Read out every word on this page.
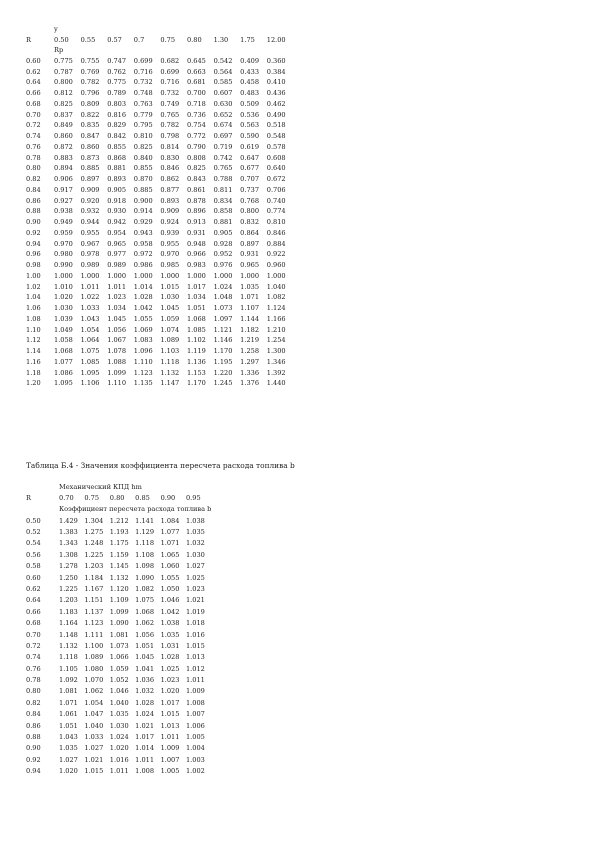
	y								
R	0.50	0.55	0.57	0.7	0.75	0.80	1.30	1.75	12.00
	Rp								
0.60	0.775	0.755	0.747	0.699	0.682	0.645	0.542	0.409	0.360
0.62	0.787	0.769	0.762	0.716	0.699	0.663	0.564	0.433	0.384
0.64	0.800	0.782	0.775	0.732	0.716	0.681	0.585	0.458	0.410
0.66	0.812	0.796	0.789	0.748	0.732	0.700	0.607	0.483	0.436
0.68	0.825	0.809	0.803	0.763	0.749	0.718	0.630	0.509	0.462
0.70	0.837	0.822	0.816	0.779	0.765	0.736	0.652	0.536	0.490
0.72	0.849	0.835	0.829	0.795	0.782	0.754	0.674	0.563	0.518
0.74	0.860	0.847	0.842	0.810	0.798	0.772	0.697	0.590	0.548
0.76	0.872	0.860	0.855	0.825	0.814	0.790	0.719	0.619	0.578
0.78	0.883	0.873	0.868	0.840	0.830	0.808	0.742	0.647	0.608
0.80	0.894	0.885	0.881	0.855	0.846	0.825	0.765	0.677	0.640
0.82	0.906	0.897	0.893	0.870	0.862	0.843	0.788	0.707	0.672
0.84	0.917	0.909	0.905	0.885	0.877	0.861	0.811	0.737	0.706
0.86	0.927	0.920	0.918	0.900	0.893	0.878	0.834	0.768	0.740
0.88	0.938	0.932	0.930	0.914	0.909	0.896	0.858	0.800	0.774
0.90	0.949	0.944	0.942	0.929	0.924	0.913	0.881	0.832	0.810
0.92	0.959	0.955	0.954	0.943	0.939	0.931	0.905	0.864	0.846
0.94	0.970	0.967	0.965	0.958	0.955	0.948	0.928	0.897	0.884
0.96	0.980	0.978	0.977	0.972	0.970	0.966	0.952	0.931	0.922
0.98	0.990	0.989	0.989	0.986	0.985	0.983	0.976	0.965	0.960
1.00	1.000	1.000	1.000	1.000	1.000	1.000	1.000	1.000	1.000
1.02	1.010	1.011	1.011	1.014	1.015	1.017	1.024	1.035	1.040
1.04	1.020	1.022	1.023	1.028	1.030	1.034	1.048	1.071	1.082
1.06	1.030	1.033	1.034	1.042	1.045	1.051	1.073	1.107	1.124
1.08	1.039	1.043	1.045	1.055	1.059	1.068	1.097	1.144	1.166
1.10	1.049	1.054	1.056	1.069	1.074	1.085	1.121	1.182	1.210
1.12	1.058	1.064	1.067	1.083	1.089	1.102	1.146	1.219	1.254
1.14	1.068	1.075	1.078	1.096	1.103	1.119	1.170	1.258	1.300
1.16	1.077	1.085	1.088	1.110	1.118	1.136	1.195	1.297	1.346
1.18	1.086	1.095	1.099	1.123	1.132	1.153	1.220	1.336	1.392
1.20	1.095	1.106	1.110	1.135	1.147	1.170	1.245	1.376	1.440
Таблица Б.4 - Значения коэффициента пересчета расхода топлива b
	Механический КПД hm					
R	0.70	0.75	0.80	0.85	0.90	0.95
	Коэффициент пересчета расхода топлива b					
0.50	1.429	1.304	1.212	1.141	1.084	1.038
0.52	1.383	1.275	1.193	1.129	1.077	1.035
0.54	1.343	1.248	1.175	1.118	1.071	1.032
0.56	1.308	1.225	1.159	1.108	1.065	1.030
0.58	1.278	1.203	1.145	1.098	1.060	1.027
0.60	1.250	1.184	1.132	1.090	1.055	1.025
0.62	1.225	1.167	1.120	1.082	1.050	1.023
0.64	1.203	1.151	1.109	1.075	1.046	1.021
0.66	1.183	1.137	1.099	1.068	1.042	1.019
0.68	1.164	1.123	1.090	1.062	1.038	1.018
0.70	1.148	1.111	1.081	1.056	1.035	1.016
0.72	1.132	1.100	1.073	1.051	1.031	1.015
0.74	1.118	1.089	1.066	1.045	1.028	1.013
0.76	1.105	1.080	1.059	1.041	1.025	1.012
0.78	1.092	1.070	1.052	1.036	1.023	1.011
0.80	1.081	1.062	1.046	1.032	1.020	1.009
0.82	1.071	1.054	1.040	1.028	1.017	1.008
0.84	1.061	1.047	1.035	1.024	1.015	1.007
0.86	1.051	1.040	1.030	1.021	1.013	1.006
0.88	1.043	1.033	1.024	1.017	1.011	1.005
0.90	1.035	1.027	1.020	1.014	1.009	1.004
0.92	1.027	1.021	1.016	1.011	1.007	1.003
0.94	1.020	1.015	1.011	1.008	1.005	1.002
